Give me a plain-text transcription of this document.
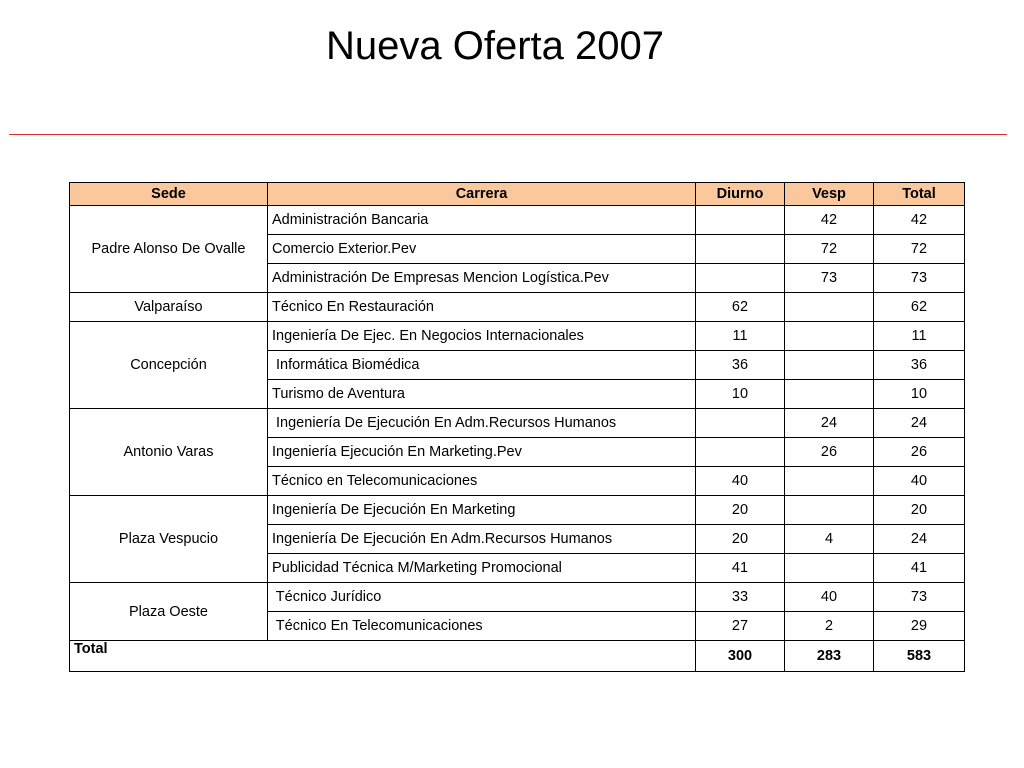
Nueva Oferta 2007
Sede	Carrera	Diurno	Vesp	Total
Padre Alonso De Ovalle	Administración Bancaria		42	42
	Comercio Exterior.Pev		72	72
	Administración De Empresas Mencion Logística.Pev		73	73
Valparaíso	Técnico En Restauración	62		62
Concepción	Ingeniería De Ejec. En Negocios Internacionales	11		11
	Informática Biomédica	36		36
	Turismo de Aventura	10		10
Antonio Varas	Ingeniería De Ejecución En Adm.Recursos Humanos		24	24
	Ingeniería Ejecución En Marketing.Pev		26	26
	Técnico en Telecomunicaciones	40		40
Plaza Vespucio	Ingeniería De Ejecución En Marketing	20		20
	Ingeniería De Ejecución En Adm.Recursos Humanos	20	4	24
	Publicidad Técnica M/Marketing Promocional	41		41
Plaza Oeste	Técnico Jurídico	33	40	73
	Técnico En Telecomunicaciones	27	2	29
Total		300	283	583
